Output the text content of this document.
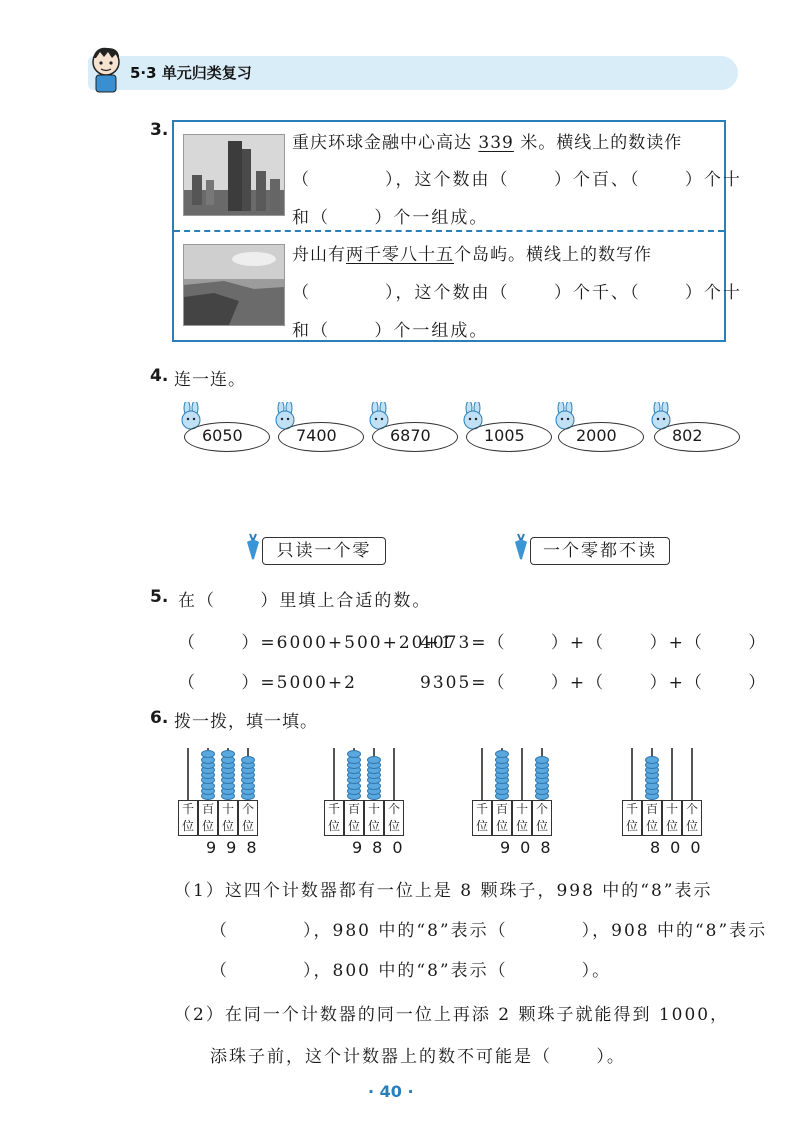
5·3 单元归类复习
3.
重庆环球金融中心高达 339 米。横线上的数读作
（          ），这个数由（      ）个百、（      ）个十
和（      ）个一组成。
舟山有两千零八十五个岛屿。横线上的数写作
（          ），这个数由（      ）个千、（      ）个十
和（      ）个一组成。
4. 连一连。
6050	7400	6870	1005	2000	802
只读一个零	一个零都不读
5. 在（      ）里填上合适的数。
（      ）=6000+500+20+1
4073=（      ）+（      ）+（      ）
（      ）=5000+2	9305=（      ）+（      ）+（      ）
6. 拨一拨，填一填。
千
位
百
位
十
位
个
位
998
千
位
百
位
十
位
个
位
980
千
位
百
位
十
位
个
位
908
千
位
百
位
十
位
个
位
800
（1）这四个计数器都有一位上是 8 颗珠子，998 中的“8”表示
（          ），980 中的“8”表示（          ），908 中的“8”表示
（          ），800 中的“8”表示（          ）。
（2）在同一个计数器的同一位上再添 2 颗珠子就能得到 1000，
添珠子前，这个计数器上的数不可能是（      ）。
· 40 ·
